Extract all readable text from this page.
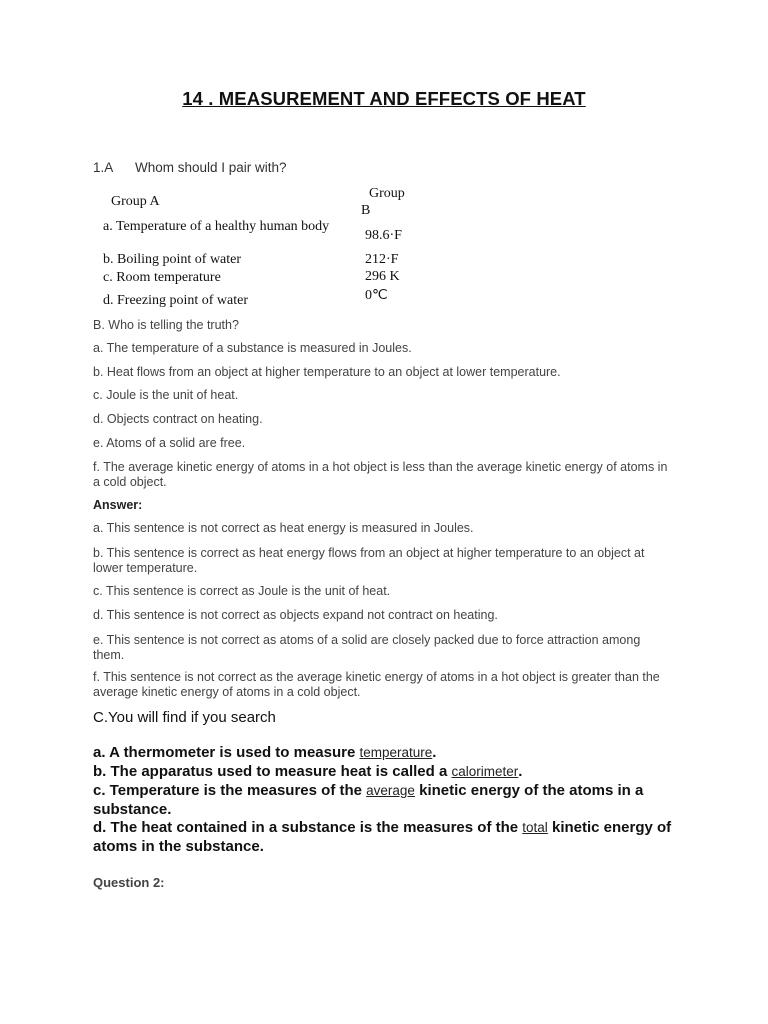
14 . MEASUREMENT AND EFFECTS OF HEAT
1.A Whom should I pair with?
Group A
Group
B
a. Temperature of a healthy human body
b. Boiling point of water
c. Room temperature
d. Freezing point of water
98.6·F
212·F
296 K
0℃
B. Who is telling the truth?
a. The temperature of a substance is measured in Joules.
b. Heat flows from an object at higher temperature to an object at lower temperature.
c. Joule is the unit of heat.
d. Objects contract on heating.
e. Atoms of a solid are free.
f. The average kinetic energy of atoms in a hot object is less than the average kinetic energy of atoms in a cold object.
Answer:
a. This sentence is not correct as heat energy is measured in Joules.
b. This sentence is correct as heat energy flows from an object at higher temperature to an object at lower temperature.
c. This sentence is correct as Joule is the unit of heat.
d. This sentence is not correct as objects expand not contract on heating.
e. This sentence is not correct as atoms of a solid are closely packed due to force attraction among them.
f. This sentence is not correct as the average kinetic energy of atoms in a hot object is greater than the average kinetic energy of atoms in a cold object.
C.You will find if you search
a. A thermometer is used to measure temperature.
b. The apparatus used to measure heat is called a calorimeter.
c. Temperature is the measures of the average kinetic energy of the atoms in a substance.
d. The heat contained in a substance is the measures of the total kinetic energy of atoms in the substance.
Question 2:
